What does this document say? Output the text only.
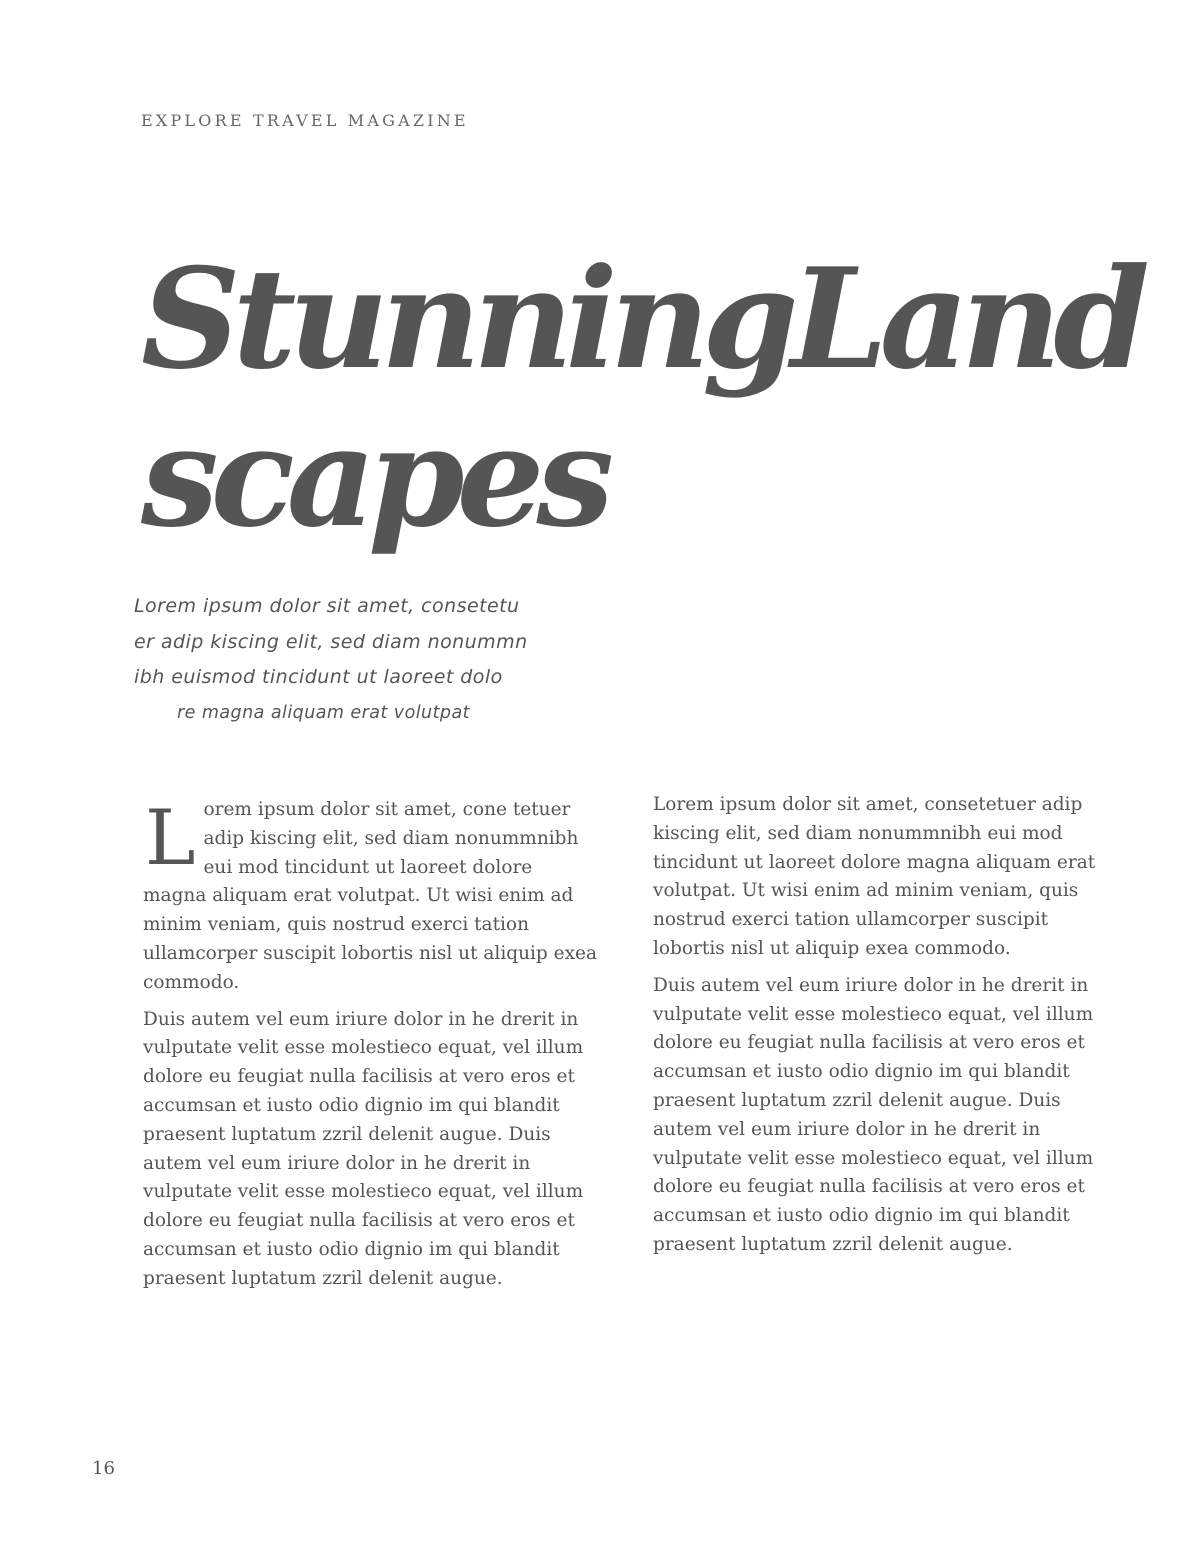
EXPLORE TRAVEL MAGAZINE
StunningLandscapes
Lorem ipsum dolor sit amet, consetetu
er adip kiscing elit, sed diam nonummn
ibh euismod tincidunt ut laoreet dolo
re magna aliquam erat volutpat

Lorem ipsum dolor sit amet, cone tetuer adip kiscing elit, sed diam nonummnibh eui mod tincidunt ut laoreet dolore magna aliquam erat volutpat. Ut wisi enim ad minim veniam, quis nostrud exerci tation ullamcorper suscipit lobortis nisl ut aliquip exea commodo.

Duis autem vel eum iriure dolor in he drerit in vulputate velit esse molestieco equat, vel illum dolore eu feugiat nulla facilisis at vero eros et accumsan et iusto odio dignio im qui blandit praesent luptatum zzril delenit augue. Duis autem vel eum iriure dolor in he drerit in vulputate velit esse molestieco equat, vel illum dolore eu feugiat nulla facilisis at vero eros et accumsan et iusto odio dignio im qui blandit praesent luptatum zzril delenit augue.

Lorem ipsum dolor sit amet, consetetuer adip kiscing elit, sed diam nonummnibh eui mod tincidunt ut laoreet dolore magna aliquam erat volutpat. Ut wisi enim ad minim veniam, quis nostrud exerci tation ullamcorper suscipit lobortis nisl ut aliquip exea commodo.

Duis autem vel eum iriure dolor in he drerit in vulputate velit esse molestieco equat, vel illum dolore eu feugiat nulla facilisis at vero eros et accumsan et iusto odio dignio im qui blandit praesent luptatum zzril delenit augue. Duis autem vel eum iriure dolor in he drerit in vulputate velit esse molestieco equat, vel illum dolore eu feugiat nulla facilisis at vero eros et accumsan et iusto odio dignio im qui blandit praesent luptatum zzril delenit augue.

16
